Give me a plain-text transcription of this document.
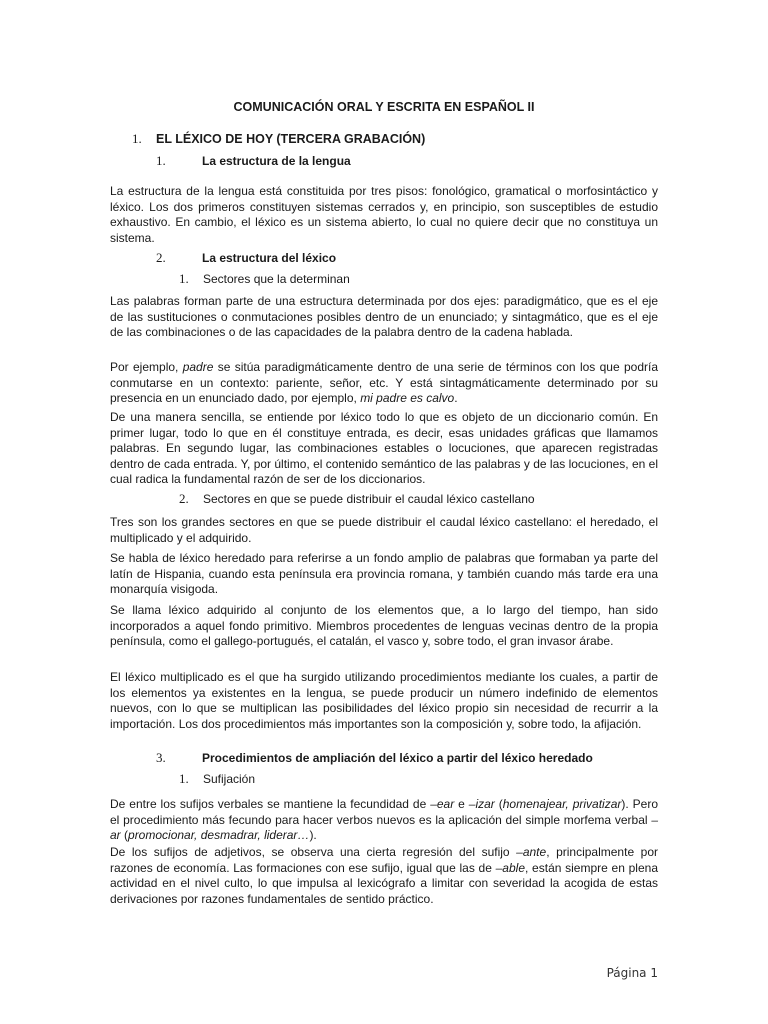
COMUNICACIÓN ORAL Y ESCRITA EN ESPAÑOL II
1. EL LÉXICO DE HOY (TERCERA GRABACIÓN)
1.	La estructura de la lengua

La estructura de la lengua está constituida por tres pisos: fonológico, gramatical o morfosintáctico y léxico. Los dos primeros constituyen sistemas cerrados y, en principio, son susceptibles de estudio exhaustivo. En cambio, el léxico es un sistema abierto, lo cual no quiere decir que no constituya un sistema.

2.	La estructura del léxico
1. Sectores que la determinan

Las palabras forman parte de una estructura determinada por dos ejes: paradigmático, que es el eje de las sustituciones o conmutaciones posibles dentro de un enunciado; y sintagmático, que es el eje de las combinaciones o de las capacidades de la palabra dentro de la cadena hablada.

Por ejemplo, padre se sitúa paradigmáticamente dentro de una serie de términos con los que podría conmutarse en un contexto: pariente, señor, etc. Y está sintagmáticamente determinado por su presencia en un enunciado dado, por ejemplo, mi padre es calvo.

De una manera sencilla, se entiende por léxico todo lo que es objeto de un diccionario común. En primer lugar, todo lo que en él constituye entrada, es decir, esas unidades gráficas que llamamos palabras. En segundo lugar, las combinaciones estables o locuciones, que aparecen registradas dentro de cada entrada. Y, por último, el contenido semántico de las palabras y de las locuciones, en el cual radica la fundamental razón de ser de los diccionarios.

2. Sectores en que se puede distribuir el caudal léxico castellano

Tres son los grandes sectores en que se puede distribuir el caudal léxico castellano: el heredado, el multiplicado y el adquirido.

Se habla de léxico heredado para referirse a un fondo amplio de palabras que formaban ya parte del latín de Hispania, cuando esta península era provincia romana, y también cuando más tarde era una monarquía visigoda.

Se llama léxico adquirido al conjunto de los elementos que, a lo largo del tiempo, han sido incorporados a aquel fondo primitivo. Miembros procedentes de lenguas vecinas dentro de la propia península, como el gallego-portugués, el catalán, el vasco y, sobre todo, el gran invasor árabe.

El léxico multiplicado es el que ha surgido utilizando procedimientos mediante los cuales, a partir de los elementos ya existentes en la lengua, se puede producir un número indefinido de elementos nuevos, con lo que se multiplican las posibilidades del léxico propio sin necesidad de recurrir a la importación. Los dos procedimientos más importantes son la composición y, sobre todo, la afijación.

3.	Procedimientos de ampliación del léxico a partir del léxico heredado
1. Sufijación

De entre los sufijos verbales se mantiene la fecundidad de –ear e –izar (homenajear, privatizar). Pero el procedimiento más fecundo para hacer verbos nuevos es la aplicación del simple morfema verbal –ar (promocionar, desmadrar, liderar…).

De los sufijos de adjetivos, se observa una cierta regresión del sufijo –ante, principalmente por razones de economía. Las formaciones con ese sufijo, igual que las de –able, están siempre en plena actividad en el nivel culto, lo que impulsa al lexicógrafo a limitar con severidad la acogida de estas derivaciones por razones fundamentales de sentido práctico.

Página 1
